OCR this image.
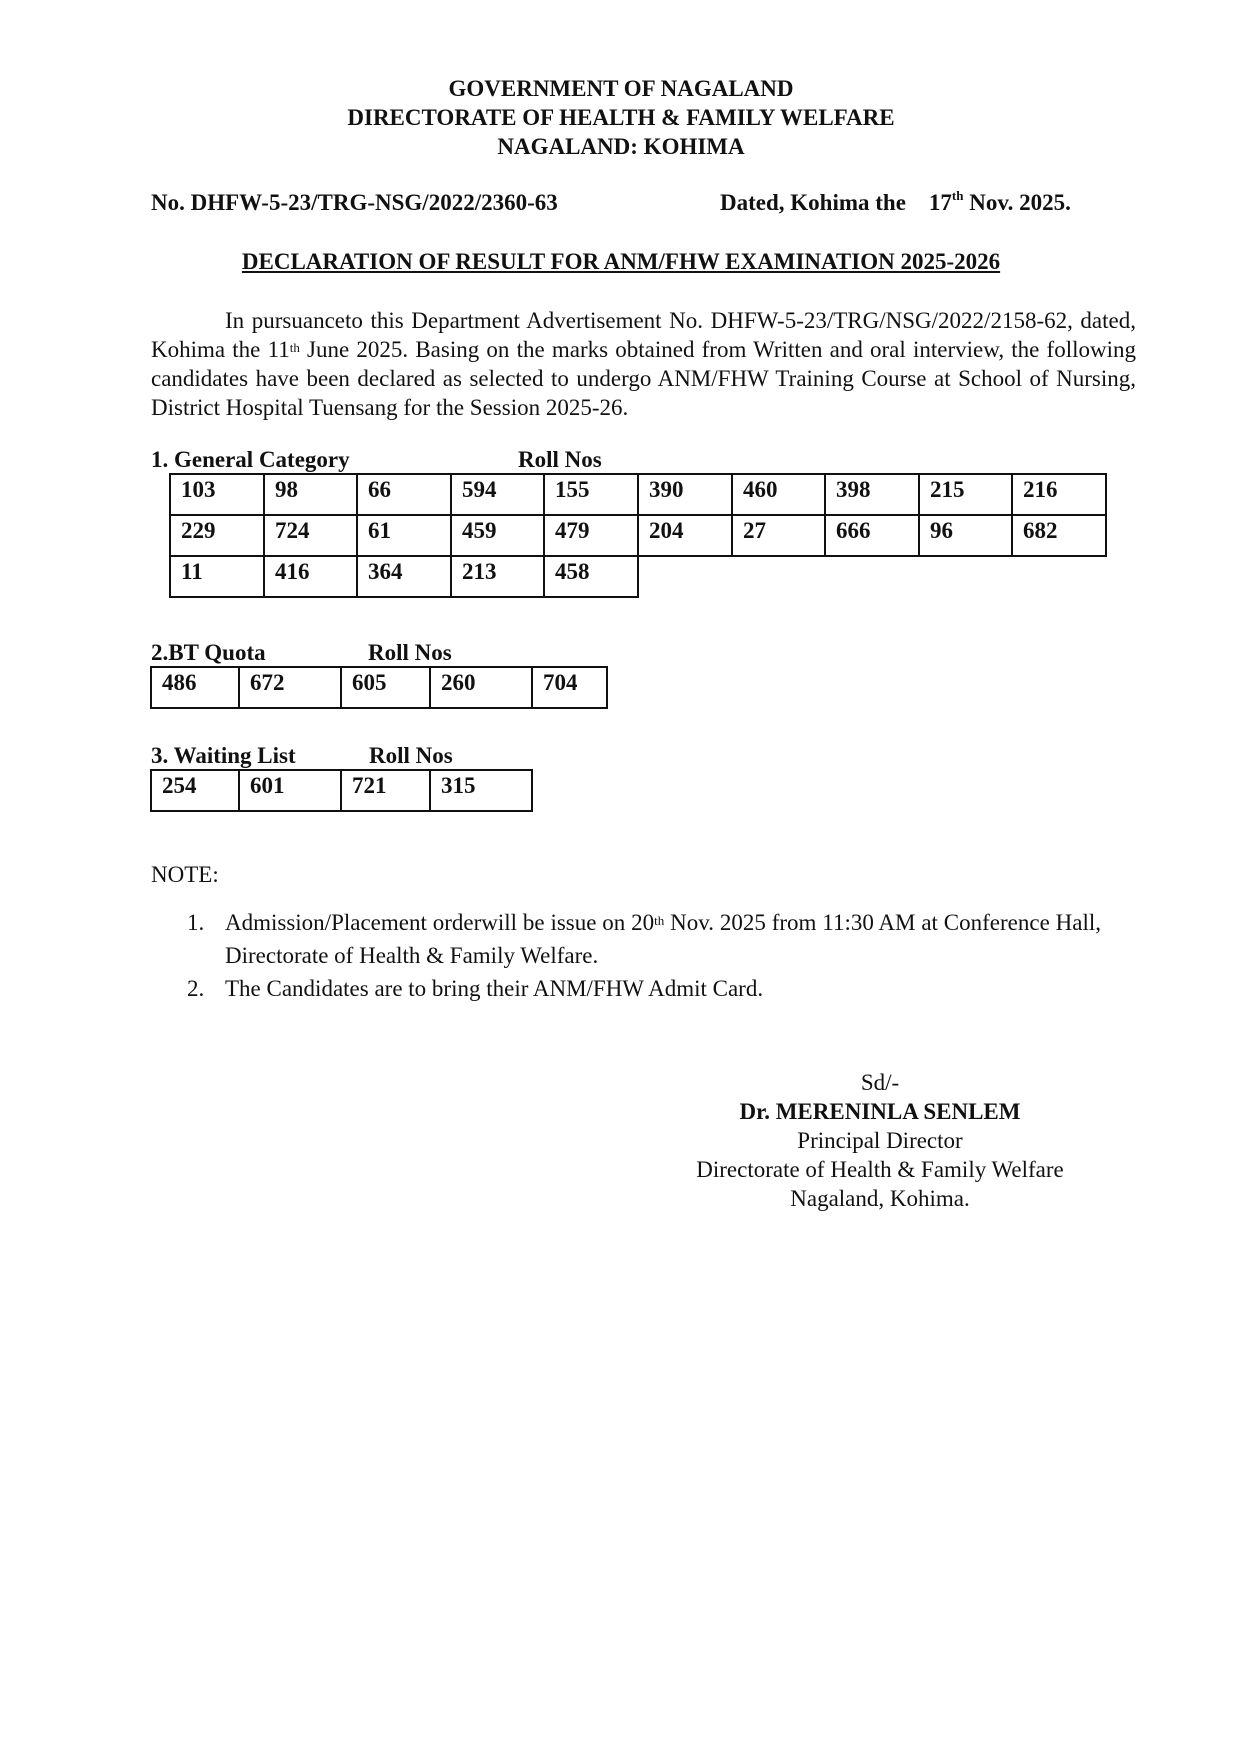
GOVERNMENT OF NAGALAND
DIRECTORATE OF HEALTH & FAMILY WELFARE
NAGALAND: KOHIMA
No. DHFW-5-23/TRG-NSG/2022/2360-63	Dated, Kohima the 17th Nov. 2025.
DECLARATION OF RESULT FOR ANM/FHW EXAMINATION 2025-2026
In pursuanceto this Department Advertisement No. DHFW-5-23/TRG/NSG/2022/2158-62, dated, Kohima the 11th June 2025. Basing on the marks obtained from Written and oral interview, the following candidates have been declared as selected to undergo ANM/FHW Training Course at School of Nursing, District Hospital Tuensang for the Session 2025-26.
1. General Category	Roll Nos
103	98	66	594	155	390	460	398	215	216
229	724	61	459	479	204	27	666	96	682
11	416	364	213	458					
2.BT Quota	Roll Nos
486	672	605	260	704
3. Waiting List	Roll Nos
254	601	721	315
NOTE:
1. Admission/Placement orderwill be issue on 20th Nov. 2025 from 11:30 AM at Conference Hall, Directorate of Health & Family Welfare.
2. The Candidates are to bring their ANM/FHW Admit Card.
Sd/-
Dr. MERENINLA SENLEM
Principal Director
Directorate of Health & Family Welfare
Nagaland, Kohima.
